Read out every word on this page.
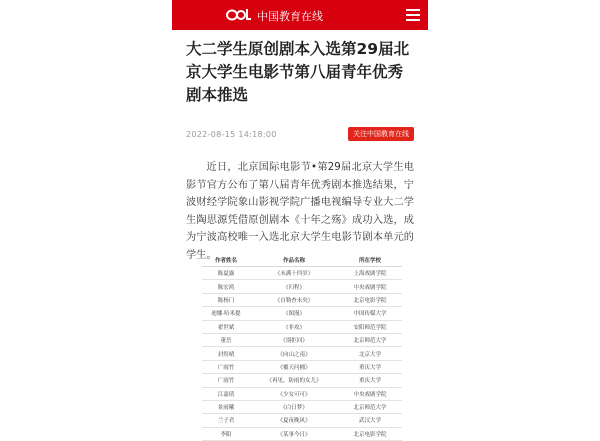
中国教育在线
大二学生原创剧本入选第29届北京大学生电影节第八届青年优秀剧本推选
2022-08-15 14:18:00	关注中国教育在线

近日，北京国际电影节•第29届北京大学生电影节官方公布了第八届青年优秀剧本推选结果，宁波财经学院象山影视学院广播电视编导专业大二学生陶思源凭借原创剧本《十年之殇》成功入选，成为宁波高校唯一入选北京大学生电影节剧本单元的学生。

作者姓名	作品名称	所在学校
陈夏露	《未满十四岁》	上海戏剧学院
陈宏鸿	《归程》	中央戏剧学院
陈杨门	《自勒查未央》	北京电影学院
迪娜·哈米提	《图漫》	中国传媒大学
翟世斌	《非攻》	安阳师范学院
董岳	《别拒回》	北京师范大学
封煜晴	《向山之南》	北京大学
广雨竹	《覆天问桶》	重庆大学
广雨竹	《再见，防雨的女儿》	重庆大学
江嘉倩	《少女可可》	中央戏剧学院
景雨曦	《白日梦》	北京师范大学
兰子君	《夏夜晚风》	武汉大学
李阳	《某事今日》	北京电影学院
